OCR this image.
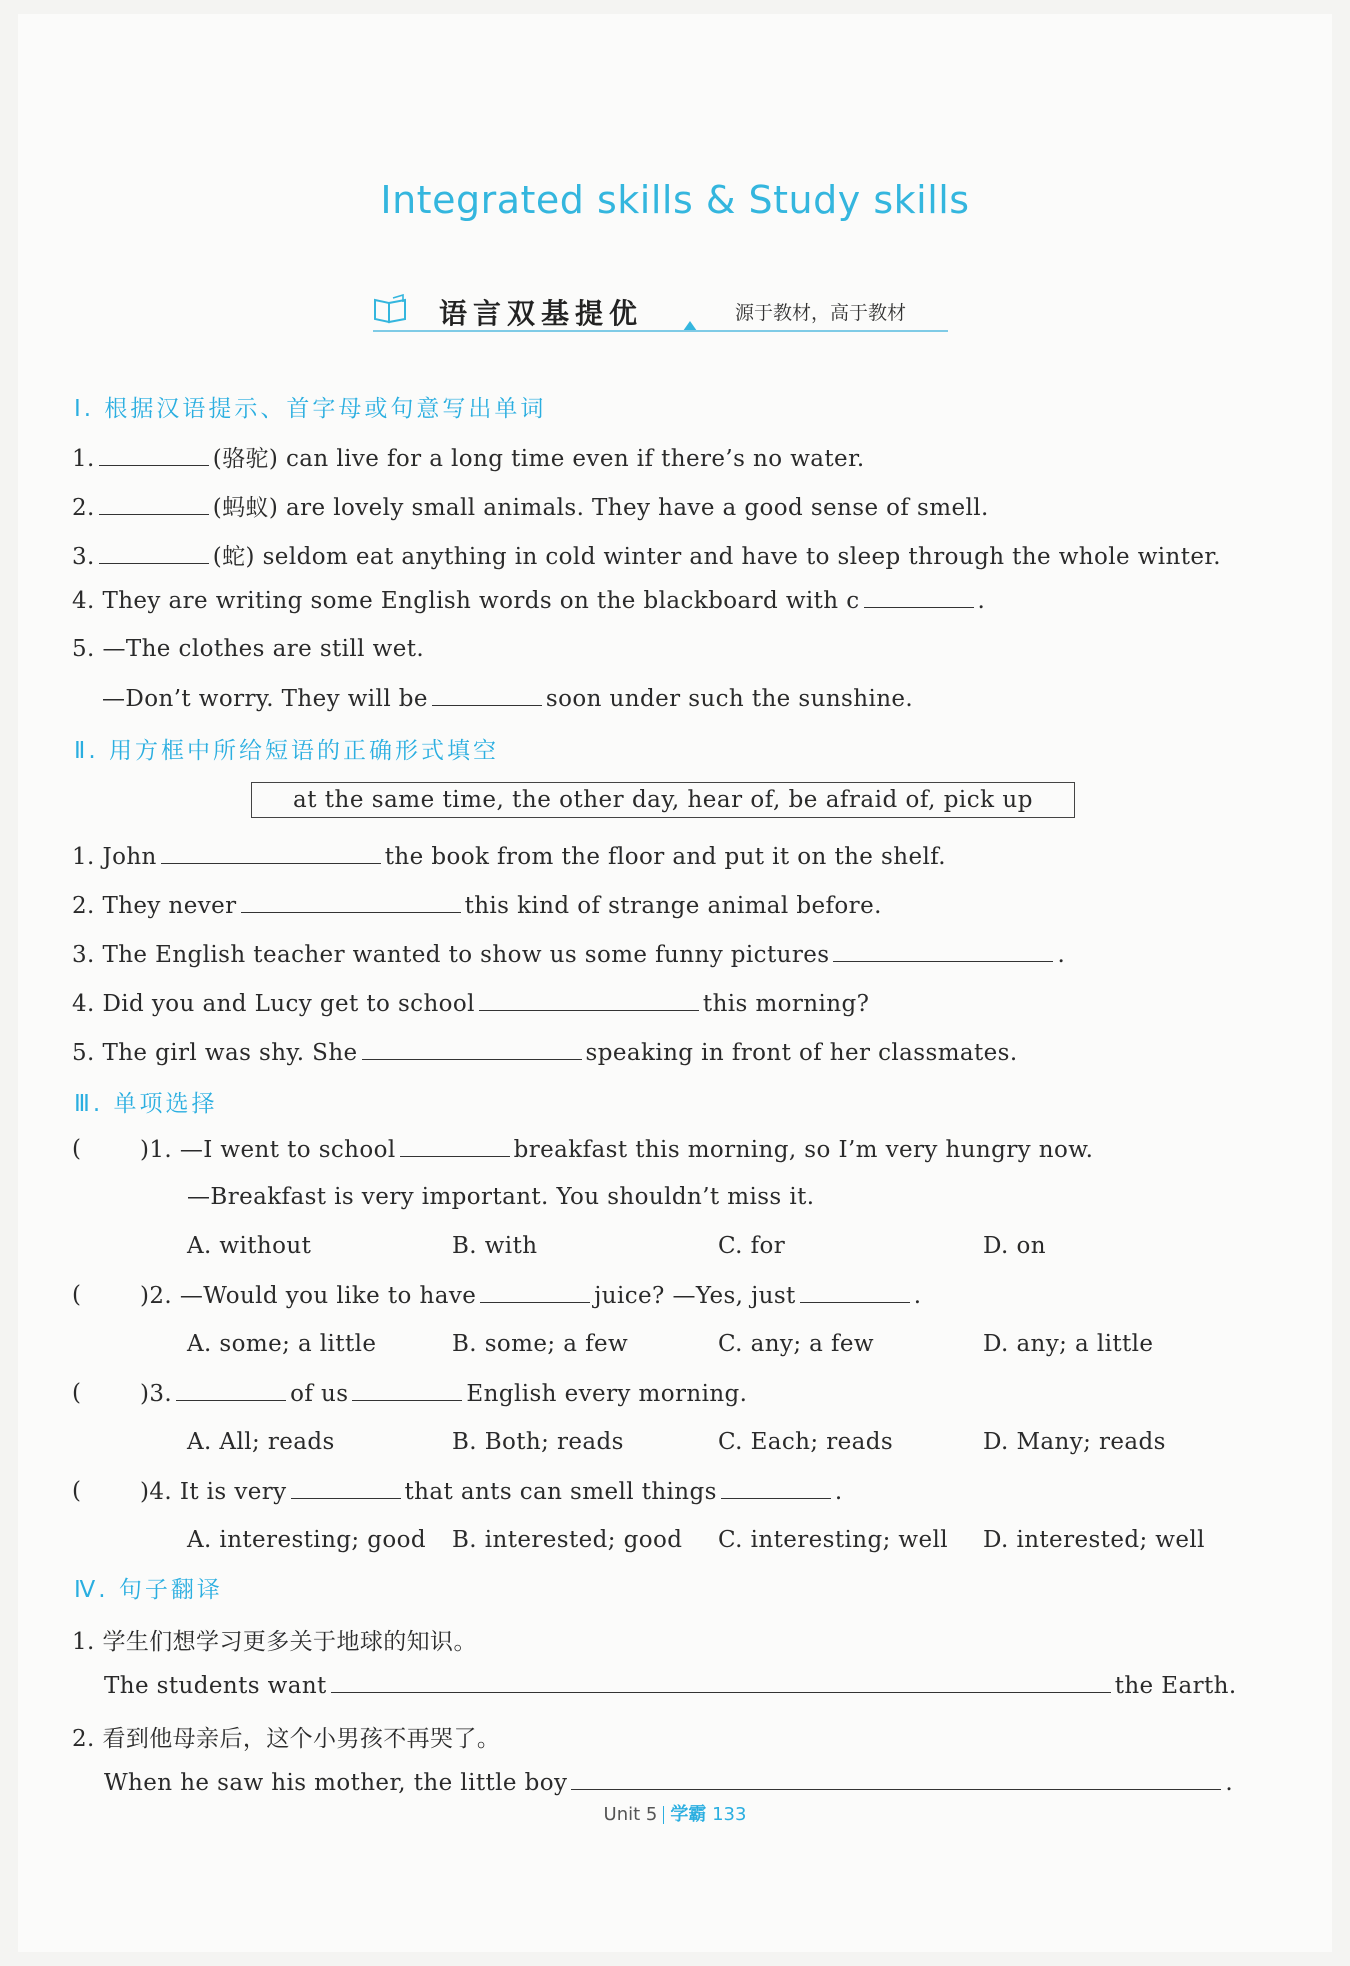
Integrated skills & Study skills
语言双基提优	源于教材，高于教材
Ⅰ. 根据汉语提示、首字母或句意写出单词
1.	(骆驼) can live for a long time even if there’s no water.
2.	(蚂蚁) are lovely small animals. They have a good sense of smell.
3.	(蛇) seldom eat anything in cold winter and have to sleep through the whole winter.
4. They are writing some English words on the blackboard with c	.
5. —The clothes are still wet.
—Don’t worry. They will be	soon under such the sunshine.
Ⅱ. 用方框中所给短语的正确形式填空
at the same time, the other day, hear of, be afraid of, pick up
1. John	the book from the floor and put it on the shelf.
2. They never	this kind of strange animal before.
3. The English teacher wanted to show us some funny pictures	.
4. Did you and Lucy get to school	this morning?
5. The girl was shy. She	speaking in front of her classmates.
Ⅲ. 单项选择
(	)1. —I went to school	breakfast this morning, so I’m very hungry now.
—Breakfast is very important. You shouldn’t miss it.
A. without	B. with	C. for	D. on
(	)2. —Would you like to have	juice? —Yes, just	.
A. some; a little	B. some; a few	C. any; a few	D. any; a little
(	)3.	of us	English every morning.
A. All; reads	B. Both; reads	C. Each; reads	D. Many; reads
(	)4. It is very	that ants can smell things	.
A. interesting; good B. interested; good C. interesting; well D. interested; well
Ⅳ. 句子翻译
1. 学生们想学习更多关于地球的知识。
The students want	the Earth.
2. 看到他母亲后，这个小男孩不再哭了。
When he saw his mother, the little boy	.
Unit 5 学霸 133
